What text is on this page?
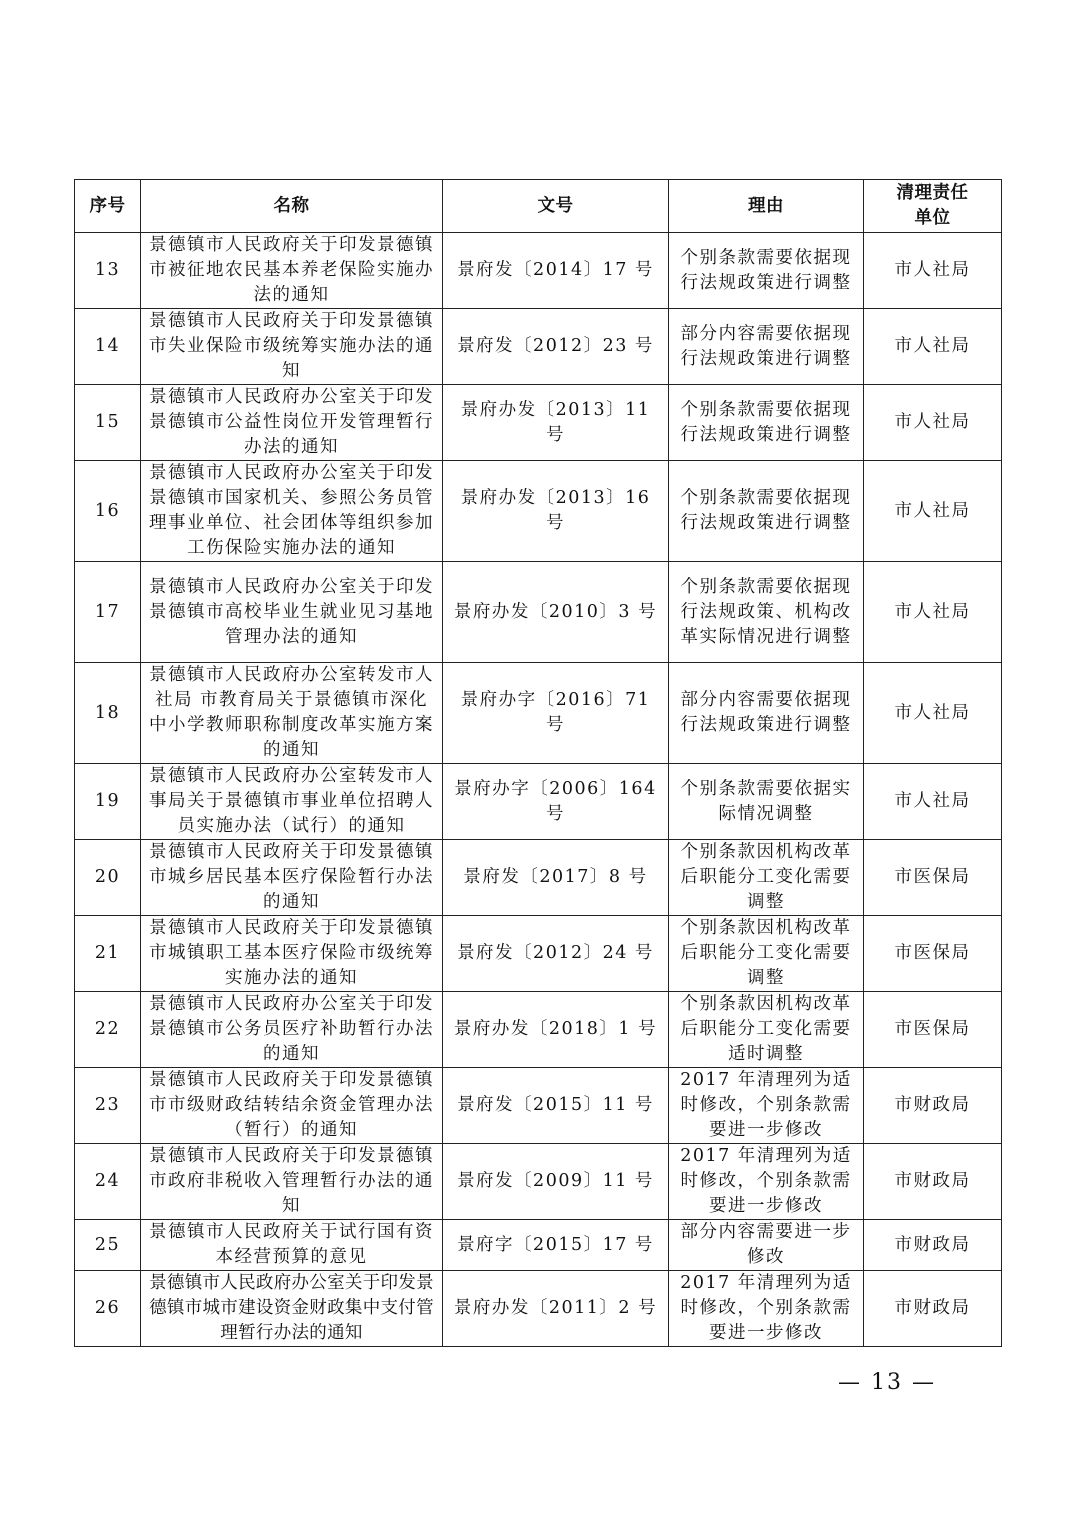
序号	名称	文号	理由	清理责任单位
13	景德镇市人民政府关于印发景德镇市被征地农民基本养老保险实施办法的通知	景府发〔2014〕17 号	个别条款需要依据现行法规政策进行调整	市人社局
14	景德镇市人民政府关于印发景德镇市失业保险市级统筹实施办法的通知	景府发〔2012〕23 号	部分内容需要依据现行法规政策进行调整	市人社局
15	景德镇市人民政府办公室关于印发景德镇市公益性岗位开发管理暂行办法的通知	景府办发〔2013〕11 号	个别条款需要依据现行法规政策进行调整	市人社局
16	景德镇市人民政府办公室关于印发景德镇市国家机关、参照公务员管理事业单位、社会团体等组织参加工伤保险实施办法的通知	景府办发〔2013〕16 号	个别条款需要依据现行法规政策进行调整	市人社局
17	景德镇市人民政府办公室关于印发景德镇市高校毕业生就业见习基地管理办法的通知	景府办发〔2010〕3 号	个别条款需要依据现行法规政策、机构改革实际情况进行调整	市人社局
18	景德镇市人民政府办公室转发市人社局 市教育局关于景德镇市深化中小学教师职称制度改革实施方案的通知	景府办字〔2016〕71 号	部分内容需要依据现行法规政策进行调整	市人社局
19	景德镇市人民政府办公室转发市人事局关于景德镇市事业单位招聘人员实施办法（试行）的通知	景府办字〔2006〕164 号	个别条款需要依据实际情况调整	市人社局
20	景德镇市人民政府关于印发景德镇市城乡居民基本医疗保险暂行办法的通知	景府发〔2017〕8 号	个别条款因机构改革后职能分工变化需要调整	市医保局
21	景德镇市人民政府关于印发景德镇市城镇职工基本医疗保险市级统筹实施办法的通知	景府发〔2012〕24 号	个别条款因机构改革后职能分工变化需要调整	市医保局
22	景德镇市人民政府办公室关于印发景德镇市公务员医疗补助暂行办法的通知	景府办发〔2018〕1 号	个别条款因机构改革后职能分工变化需要适时调整	市医保局
23	景德镇市人民政府关于印发景德镇市市级财政结转结余资金管理办法（暂行）的通知	景府发〔2015〕11 号	2017 年清理列为适时修改，个别条款需要进一步修改	市财政局
24	景德镇市人民政府关于印发景德镇市政府非税收入管理暂行办法的通知	景府发〔2009〕11 号	2017 年清理列为适时修改，个别条款需要进一步修改	市财政局
25	景德镇市人民政府关于试行国有资本经营预算的意见	景府字〔2015〕17 号	部分内容需要进一步修改	市财政局
26	景德镇市人民政府办公室关于印发景德镇市城市建设资金财政集中支付管理暂行办法的通知	景府办发〔2011〕2 号	2017 年清理列为适时修改，个别条款需要进一步修改	市财政局
— 13 —
